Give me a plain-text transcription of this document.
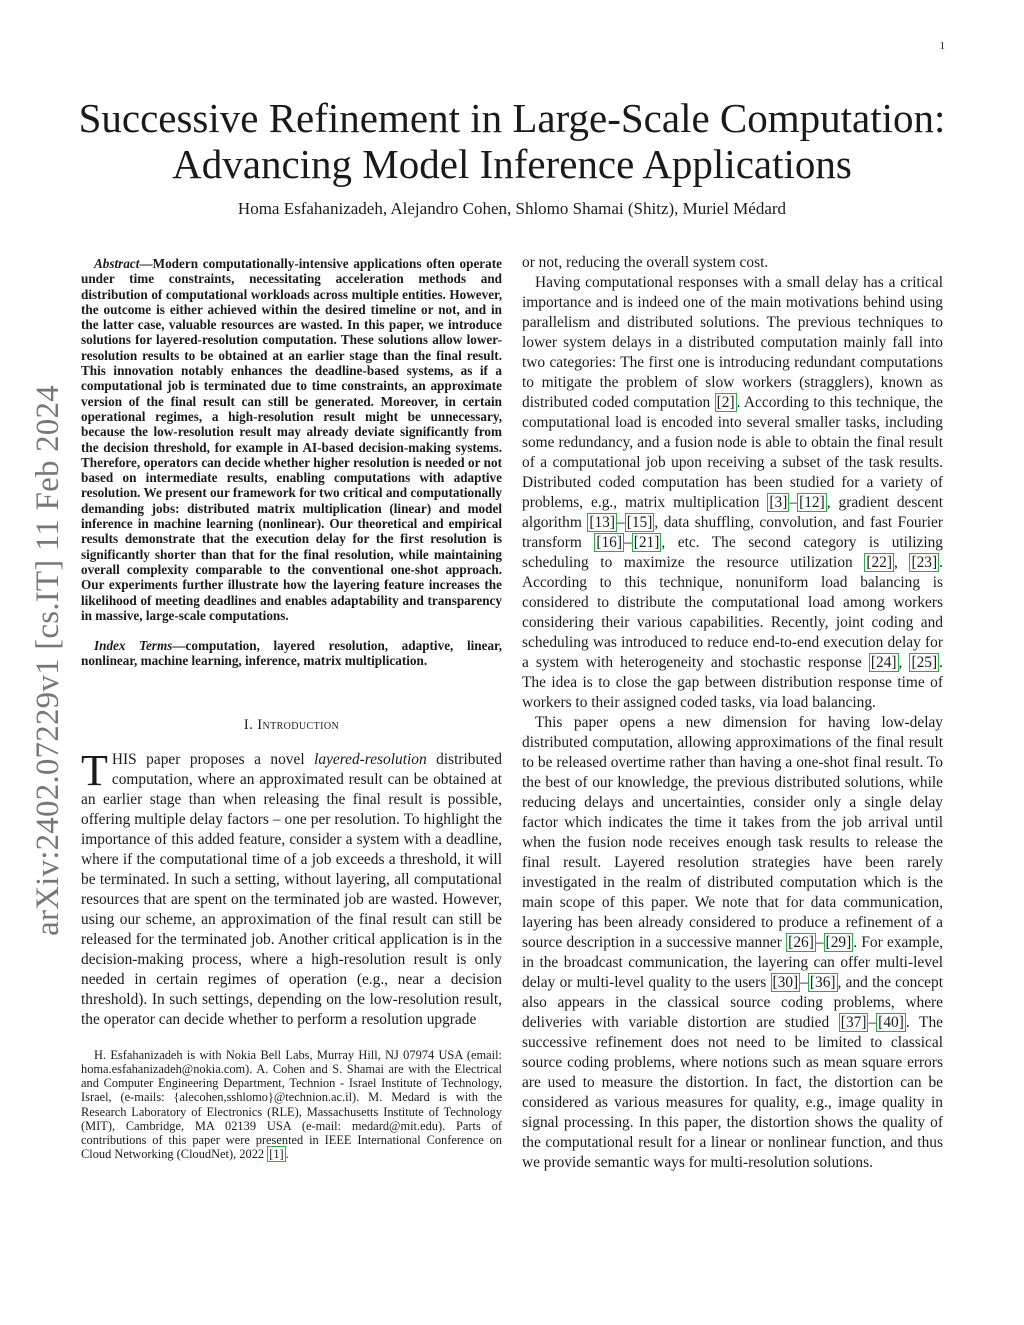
1
arXiv:2402.07229v1 [cs.IT] 11 Feb 2024
Successive Refinement in Large-Scale Computation: Advancing Model Inference Applications

Homa Esfahanizadeh, Alejandro Cohen, Shlomo Shamai (Shitz), Muriel Médard

Abstract—Modern computationally-intensive applications often operate under time constraints, necessitating acceleration methods and distribution of computational workloads across multiple entities. However, the outcome is either achieved within the desired timeline or not, and in the latter case, valuable resources are wasted. In this paper, we introduce solutions for layered-resolution computation. These solutions allow lower-resolution results to be obtained at an earlier stage than the final result. This innovation notably enhances the deadline-based systems, as if a computational job is terminated due to time constraints, an approximate version of the final result can still be generated. Moreover, in certain operational regimes, a high-resolution result might be unnecessary, because the low-resolution result may already deviate significantly from the decision threshold, for example in AI-based decision-making systems. Therefore, operators can decide whether higher resolution is needed or not based on intermediate results, enabling computations with adaptive resolution. We present our framework for two critical and computationally demanding jobs: distributed matrix multiplication (linear) and model inference in machine learning (nonlinear). Our theoretical and empirical results demonstrate that the execution delay for the first resolution is significantly shorter than that for the final resolution, while maintaining overall complexity comparable to the conventional one-shot approach. Our experiments further illustrate how the layering feature increases the likelihood of meeting deadlines and enables adaptability and transparency in massive, large-scale computations.

Index Terms—computation, layered resolution, adaptive, linear, nonlinear, machine learning, inference, matrix multiplication.

I. Introduction

THIS paper proposes a novel layered-resolution distributed computation, where an approximated result can be obtained at an earlier stage than when releasing the final result is possible, offering multiple delay factors – one per resolution. To highlight the importance of this added feature, consider a system with a deadline, where if the computational time of a job exceeds a threshold, it will be terminated. In such a setting, without layering, all computational resources that are spent on the terminated job are wasted. However, using our scheme, an approximation of the final result can still be released for the terminated job. Another critical application is in the decision-making process, where a high-resolution result is only needed in certain regimes of operation (e.g., near a decision threshold). In such settings, depending on the low-resolution result, the operator can decide whether to perform a resolution upgrade

H. Esfahanizadeh is with Nokia Bell Labs, Murray Hill, NJ 07974 USA (email: homa.esfahanizadeh@nokia.com). A. Cohen and S. Shamai are with the Electrical and Computer Engineering Department, Technion - Israel Institute of Technology, Israel, (e-mails: {alecohen,sshlomo}@technion.ac.il). M. Medard is with the Research Laboratory of Electronics (RLE), Massachusetts Institute of Technology (MIT), Cambridge, MA 02139 USA (e-mail: medard@mit.edu). Parts of contributions of this paper were presented in IEEE International Conference on Cloud Networking (CloudNet), 2022 [1] .

or not, reducing the overall system cost.

Having computational responses with a small delay has a critical importance and is indeed one of the main motivations behind using parallelism and distributed solutions. The previous techniques to lower system delays in a distributed computation mainly fall into two categories: The first one is introducing redundant computations to mitigate the problem of slow workers (stragglers), known as distributed coded computation [2] . According to this technique, the computational load is encoded into several smaller tasks, including some redundancy, and a fusion node is able to obtain the final result of a computational job upon receiving a subset of the task results. Distributed coded computation has been studied for a variety of problems, e.g., matrix multiplication [3] – [12] , gradient descent algorithm [13] – [15] , data shuffling, convolution, and fast Fourier transform [16] – [21] , etc. The second category is utilizing scheduling to maximize the resource utilization [22] , [23] . According to this technique, nonuniform load balancing is considered to distribute the computational load among workers considering their various capabilities. Recently, joint coding and scheduling was introduced to reduce end-to-end execution delay for a system with heterogeneity and stochastic response [24] , [25] . The idea is to close the gap between distribution response time of workers to their assigned coded tasks, via load balancing.

This paper opens a new dimension for having low-delay distributed computation, allowing approximations of the final result to be released overtime rather than having a one-shot final result. To the best of our knowledge, the previous distributed solutions, while reducing delays and uncertainties, consider only a single delay factor which indicates the time it takes from the job arrival until when the fusion node receives enough task results to release the final result. Layered resolution strategies have been rarely investigated in the realm of distributed computation which is the main scope of this paper. We note that for data communication, layering has been already considered to produce a refinement of a source description in a successive manner [26] – [29] . For example, in the broadcast communication, the layering can offer multi-level delay or multi-level quality to the users [30] – [36] , and the concept also appears in the classical source coding problems, where deliveries with variable distortion are studied [37] – [40] . The successive refinement does not need to be limited to classical source coding problems, where notions such as mean square errors are used to measure the distortion. In fact, the distortion can be considered as various measures for quality, e.g., image quality in signal processing. In this paper, the distortion shows the quality of the computational result for a linear or nonlinear function, and thus we provide semantic ways for multi-resolution solutions.
